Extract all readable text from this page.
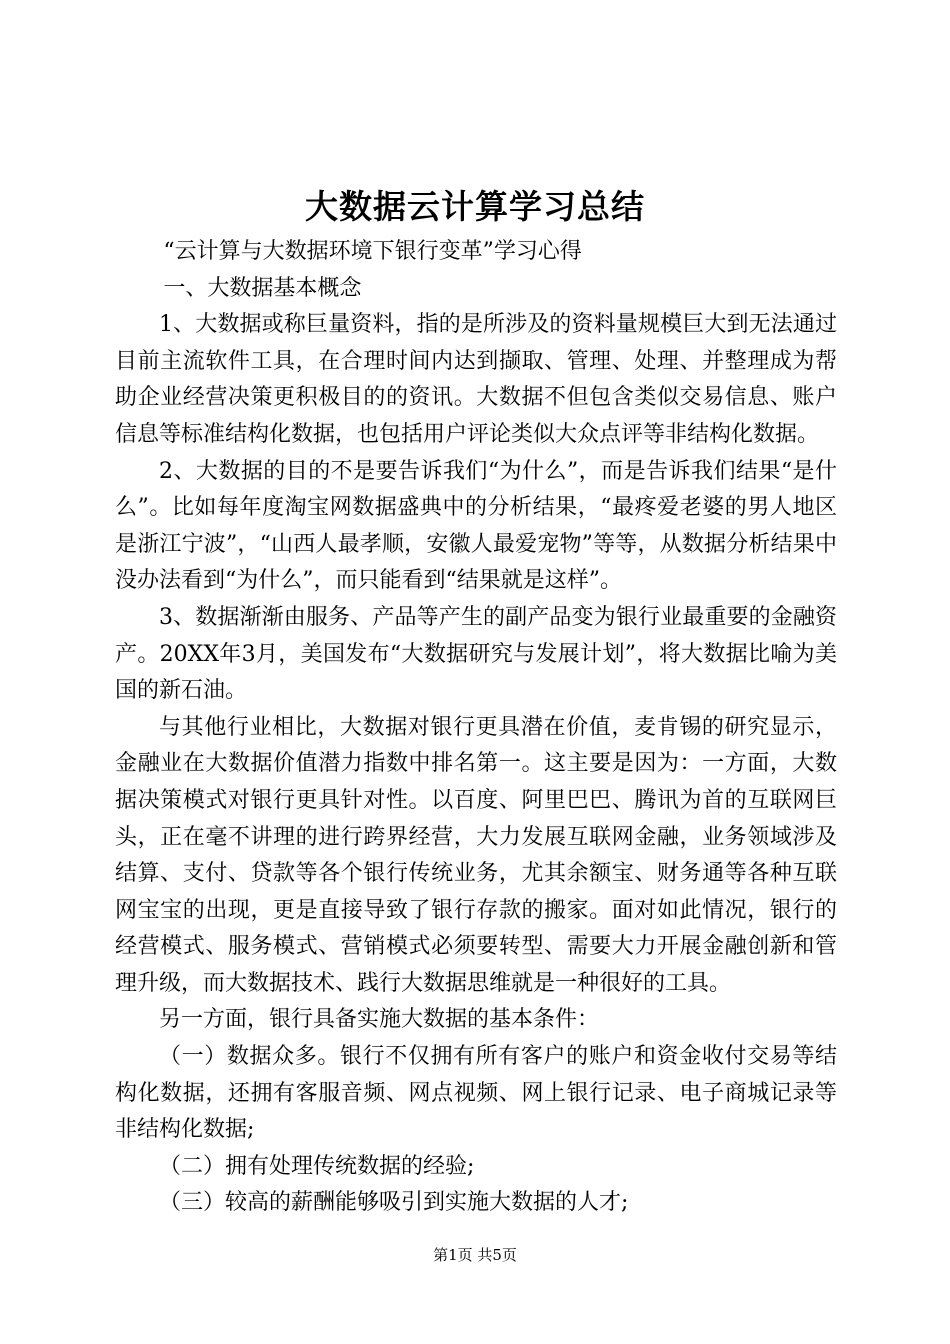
大数据云计算学习总结

“云计算与大数据环境下银行变革”学习心得

一、大数据基本概念

1、大数据或称巨量资料，指的是所涉及的资料量规模巨大到无法通过目前主流软件工具，在合理时间内达到撷取、管理、处理、并整理成为帮助企业经营决策更积极目的的资讯。大数据不但包含类似交易信息、账户信息等标准结构化数据，也包括用户评论类似大众点评等非结构化数据。

2、大数据的目的不是要告诉我们“为什么”，而是告诉我们结果“是什么”。比如每年度淘宝网数据盛典中的分析结果，“最疼爱老婆的男人地区是浙江宁波”，“山西人最孝顺，安徽人最爱宠物”等等，从数据分析结果中没办法看到“为什么”，而只能看到“结果就是这样”。

3、数据渐渐由服务、产品等产生的副产品变为银行业最重要的金融资产。20XX年3月，美国发布“大数据研究与发展计划”，将大数据比喻为美国的新石油。

与其他行业相比，大数据对银行更具潜在价值，麦肯锡的研究显示，金融业在大数据价值潜力指数中排名第一。这主要是因为：一方面，大数据决策模式对银行更具针对性。以百度、阿里巴巴、腾讯为首的互联网巨头，正在毫不讲理的进行跨界经营，大力发展互联网金融，业务领域涉及结算、支付、贷款等各个银行传统业务，尤其余额宝、财务通等各种互联网宝宝的出现，更是直接导致了银行存款的搬家。面对如此情况，银行的经营模式、服务模式、营销模式必须要转型、需要大力开展金融创新和管理升级，而大数据技术、践行大数据思维就是一种很好的工具。

另一方面，银行具备实施大数据的基本条件：

（一）数据众多。银行不仅拥有所有客户的账户和资金收付交易等结构化数据，还拥有客服音频、网点视频、网上银行记录、电子商城记录等非结构化数据;

（二）拥有处理传统数据的经验;

（三）较高的薪酬能够吸引到实施大数据的人才;

第1页 共5页
